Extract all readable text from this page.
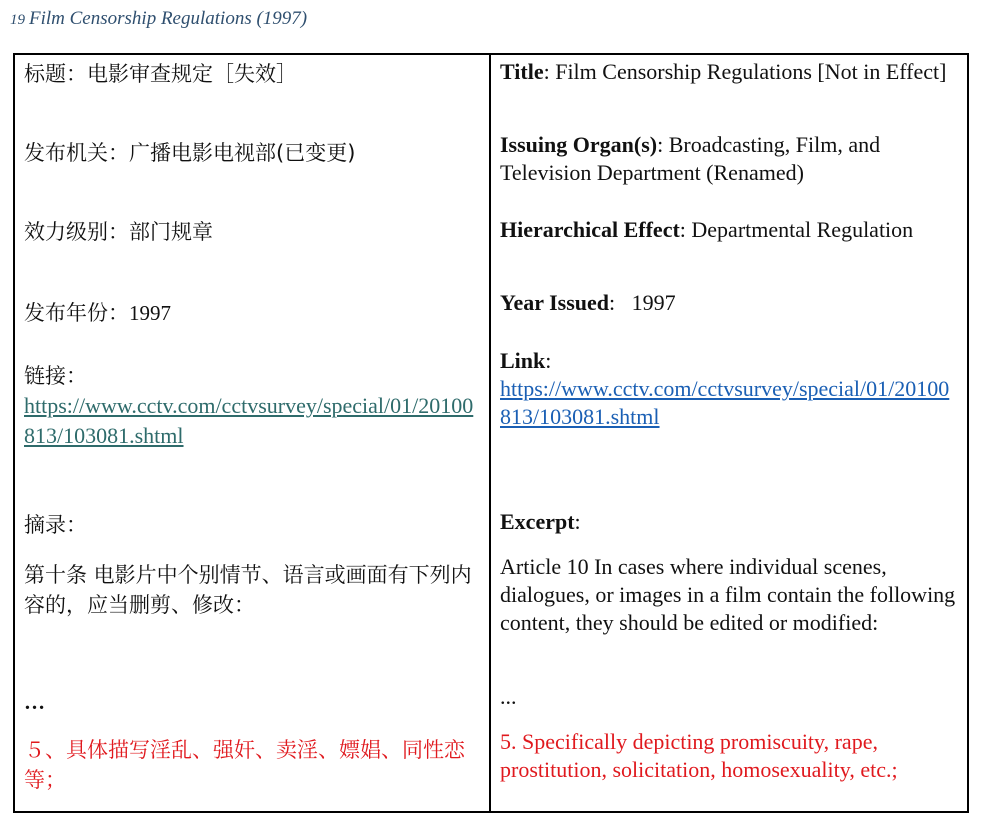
19 Film Censorship Regulations (1997)
标题：电影审查规定［失效］
发布机关：广播电影电视部(已变更)
效力级别：部门规章
发布年份：1997
链接：
https://www.cctv.com/cctvsurvey/special/01/20100813/103081.shtml
摘录：
第十条 电影片中个别情节、语言或画面有下列内容的，应当删剪、修改：
…
５、具体描写淫乱、强奸、卖淫、嫖娼、同性恋等；
Title: Film Censorship Regulations [Not in Effect]
Issuing Organ(s): Broadcasting, Film, and Television Department (Renamed)
Hierarchical Effect: Departmental Regulation
Year Issued:   1997
Link:
https://www.cctv.com/cctvsurvey/special/01/20100813/103081.shtml
Excerpt:
Article 10 In cases where individual scenes, dialogues, or images in a film contain the following content, they should be edited or modified:
...
5. Specifically depicting promiscuity, rape, prostitution, solicitation, homosexuality, etc.;
